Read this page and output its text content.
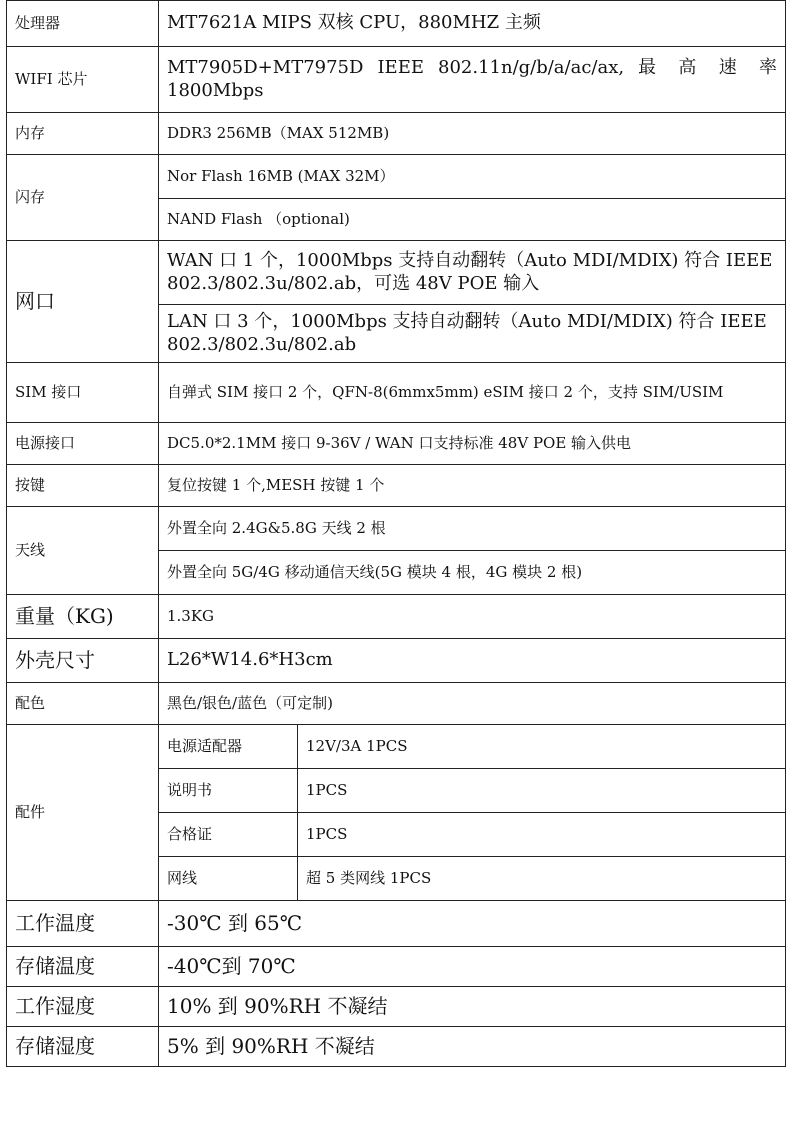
处理器	MT7621A MIPS 双核 CPU，880MHZ 主频	
WIFI 芯片	MT7905D+MT7975D IEEE 802.11n/g/b/a/ac/ax, 最 高 速 率 1800Mbps	
内存	DDR3 256MB（MAX 512MB)	
闪存	Nor Flash 16MB (MAX 32M）	
	NAND Flash （optional)	
网口	WAN 口 1 个，1000Mbps 支持自动翻转（Auto MDI/MDIX) 符合 IEEE 802.3/802.3u/802.ab，可选 48V POE 输入	
	LAN 口 3 个，1000Mbps 支持自动翻转（Auto MDI/MDIX) 符合 IEEE 802.3/802.3u/802.ab	
SIM 接口	自弹式 SIM 接口 2 个，QFN-8(6mmx5mm) eSIM 接口 2 个，支持 SIM/USIM	
电源接口	DC5.0*2.1MM 接口 9-36V / WAN 口支持标准 48V POE 输入供电	
按键	复位按键 1 个,MESH 按键 1 个	
天线	外置全向 2.4G&5.8G 天线 2 根	
	外置全向 5G/4G 移动通信天线(5G 模块 4 根，4G 模块 2 根)	
重量（KG)	1.3KG	
外壳尺寸	L26*W14.6*H3cm	
配色	黑色/银色/蓝色（可定制)	
配件	电源适配器	12V/3A 1PCS
	说明书	1PCS
	合格证	1PCS
	网线	超 5 类网线 1PCS
工作温度	-30℃ 到 65℃	
存储温度	-40℃到 70℃	
工作湿度	10% 到 90%RH 不凝结	
存储湿度	5% 到 90%RH 不凝结	
